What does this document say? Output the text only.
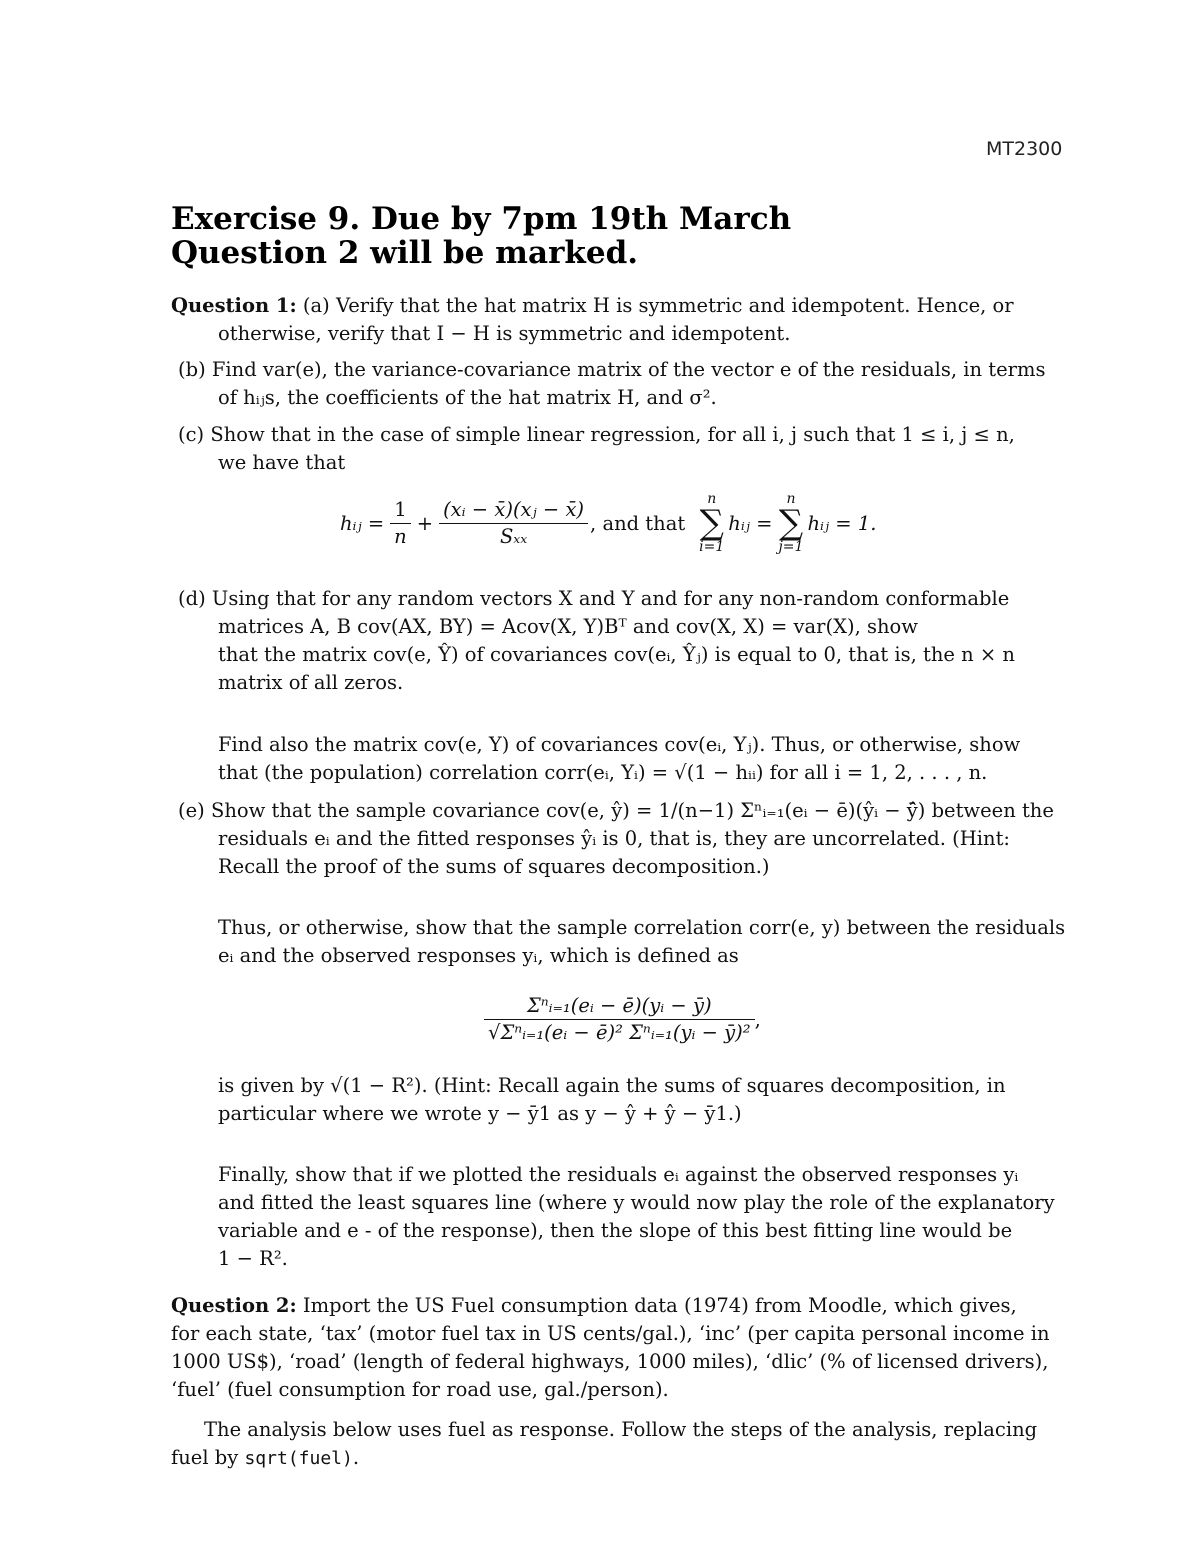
MT2300
Exercise 9. Due by 7pm 19th March
Question 2 will be marked.
Question 1: (a) Verify that the hat matrix H is symmetric and idempotent. Hence, or
otherwise, verify that I − H is symmetric and idempotent.
(b) Find var(e), the variance-covariance matrix of the vector e of the residuals, in terms
of hᵢⱼs, the coefficients of the hat matrix H, and σ².
(c) Show that in the case of simple linear regression, for all i, j such that 1 ≤ i, j ≤ n,
we have that
hᵢⱼ = $\frac{1}{n} + \frac{\text{(xᵢ − x̄)(xⱼ − x̄)}}{\text{Sₓₓ}}$ , and that
n
∑
i=1
hᵢⱼ =
n
∑
j=1
hᵢⱼ = 1.
(d) Using that for any random vectors X and Y and for any non-random conformable
matrices A, B cov(AX, BY) = Acov(X, Y)Bᵀ and cov(X, X) = var(X), show
that the matrix cov(e, Ŷ) of covariances cov(eᵢ, Ŷⱼ) is equal to 0, that is, the n × n
matrix of all zeros.
Find also the matrix cov(e, Y) of covariances cov(eᵢ, Yⱼ). Thus, or otherwise, show
that (the population) correlation corr(eᵢ, Yᵢ) = √(1 − hᵢᵢ) for all i = 1, 2, . . . , n.
(e) Show that the sample covariance cov(e, ŷ) = 1/(n−1) Σⁿᵢ₌₁(eᵢ − ē)(ŷᵢ − ȳ̂) between the
residuals eᵢ and the fitted responses ŷᵢ is 0, that is, they are uncorrelated. (Hint:
Recall the proof of the sums of squares decomposition.)
Thus, or otherwise, show that the sample correlation corr(e, y) between the residuals
eᵢ and the observed responses yᵢ, which is defined as
$\frac{\text{Σⁿᵢ₌₁(eᵢ − ē)(yᵢ − ȳ)}}{\text{√Σⁿᵢ₌₁(eᵢ − ē)² Σⁿᵢ₌₁(yᵢ − ȳ)²}}$ ,
is given by √(1 − R²). (Hint: Recall again the sums of squares decomposition, in
particular where we wrote y − ȳ1 as y − ŷ + ŷ − ȳ1.)
Finally, show that if we plotted the residuals eᵢ against the observed responses yᵢ
and fitted the least squares line (where y would now play the role of the explanatory
variable and e - of the response), then the slope of this best fitting line would be
1 − R².
Question 2: Import the US Fuel consumption data (1974) from Moodle, which gives,
for each state, ‘tax’ (motor fuel tax in US cents/gal.), ‘inc’ (per capita personal income in
1000 US$), ‘road’ (length of federal highways, 1000 miles), ‘dlic’ (% of licensed drivers),
‘fuel’ (fuel consumption for road use, gal./person).
The analysis below uses fuel as response. Follow the steps of the analysis, replacing
fuel by sqrt(fuel).
